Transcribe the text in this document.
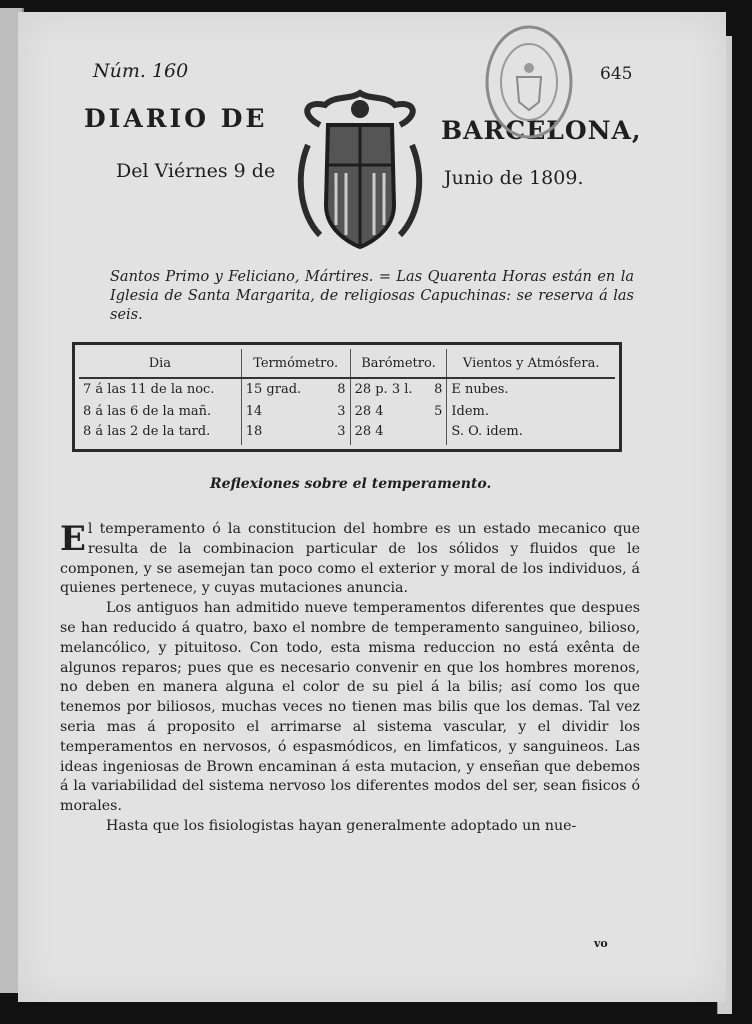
Núm. 160	645
DIARIO DE	BARCELONA,
Del Viérnes 9 de	Junio de 1809.
Santos Primo y Feliciano, Mártires. = Las Quarenta Horas están en la Iglesia de Santa Margarita, de religiosas Capuchinas: se reserva á las seis.
Dia	Termómetro.		Barómetro.		Vientos y Atmósfera.
7 á las 11 de la noc.	15 grad.	8	28 p. 3 l.	8	E nubes.
8 á las 6 de la mañ.	14	3	28 4	5	Idem.
8 á las 2 de la tard.	18	3	28 4		S. O. idem.
Reflexiones sobre el temperamento.

El temperamento ó la constitucion del hombre es un estado mecanico que resulta de la combinacion particular de los sólidos y fluidos que le componen, y se asemejan tan poco como el exterior y moral de los individuos, á quienes pertenece, y cuyas mutaciones anuncia.

Los antiguos han admitido nueve temperamentos diferentes que despues se han reducido á quatro, baxo el nombre de temperamento sanguineo, bilioso, melancólico, y pituitoso. Con todo, esta misma reduccion no está exênta de algunos reparos; pues que es necesario convenir en que los hombres morenos, no deben en manera alguna el color de su piel á la bilis; así como los que tenemos por biliosos, muchas veces no tienen mas bilis que los demas. Tal vez seria mas á proposito el arrimarse al sistema vascular, y el dividir los temperamentos en nervosos, ó espasmódicos, en limfaticos, y sanguineos. Las ideas ingeniosas de Brown encaminan á esta mutacion, y enseñan que debemos á la variabilidad del sistema nervoso los diferentes modos del ser, sean fisicos ó morales.

Hasta que los fisiologistas hayan generalmente adoptado un nue-

vo
